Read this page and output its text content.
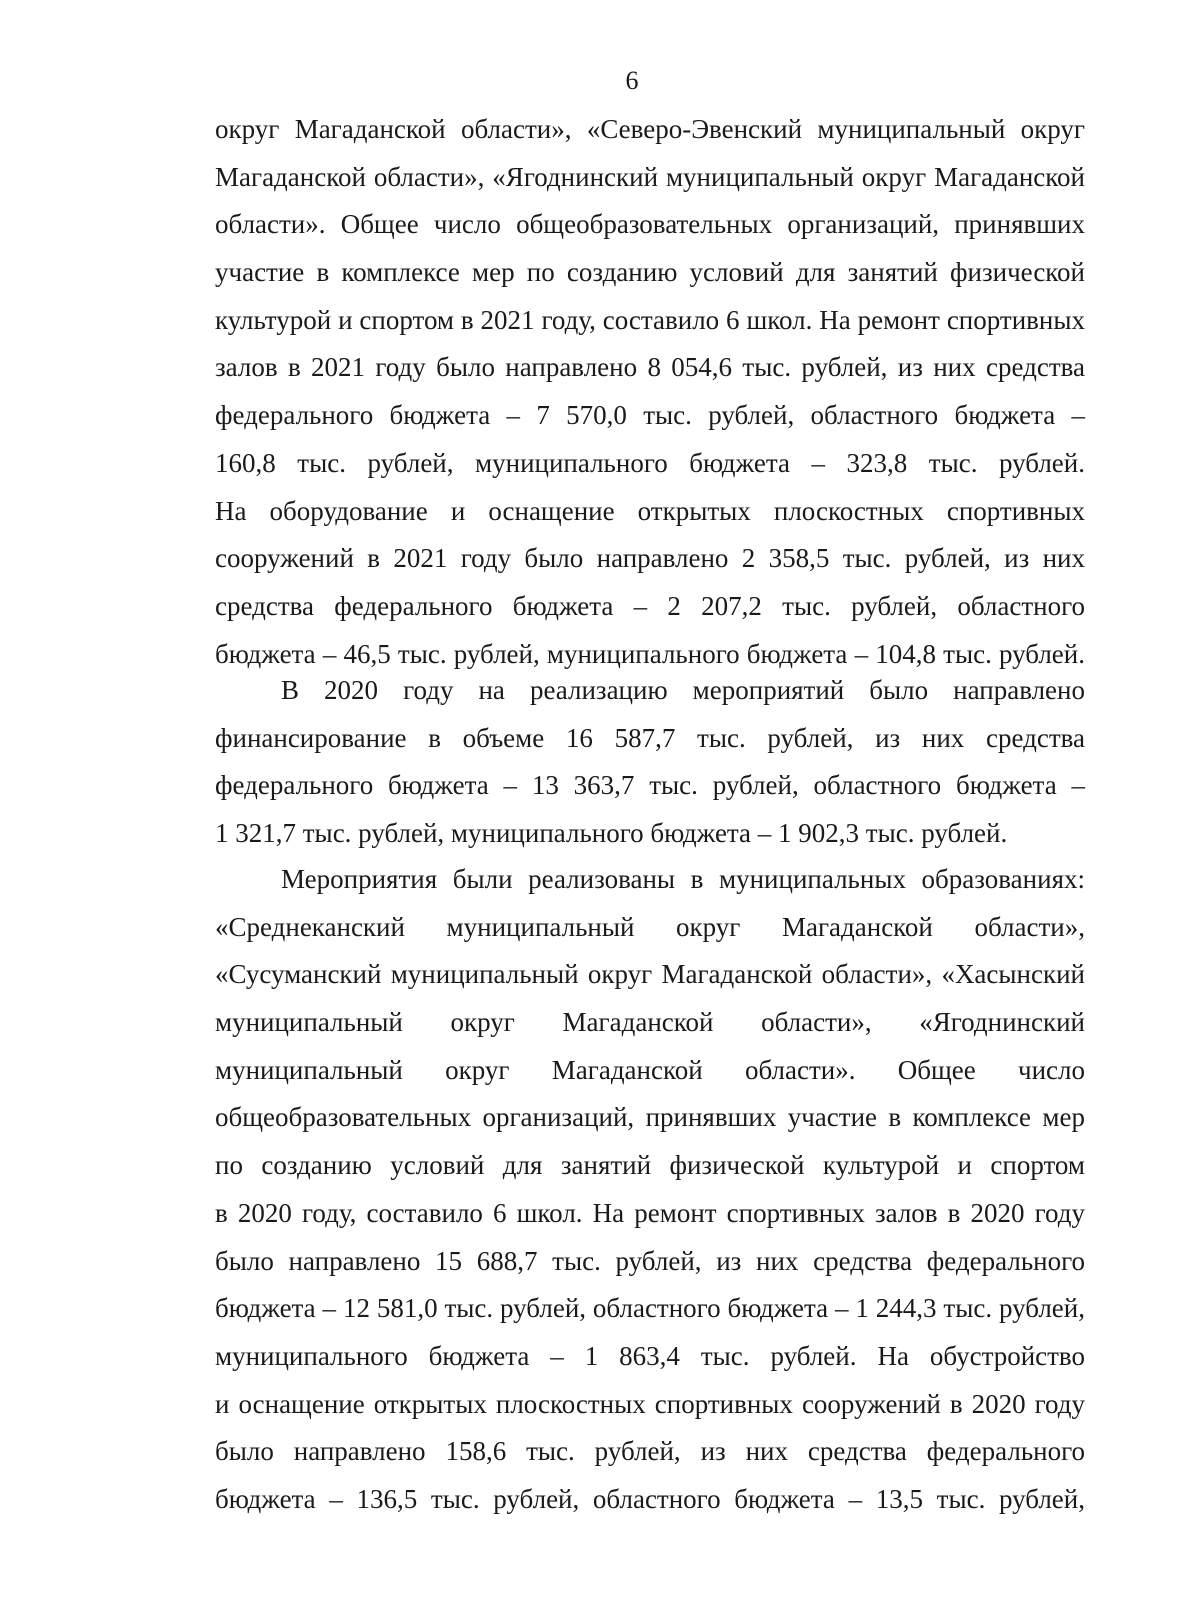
6
округ Магаданской области», «Северо-Эвенский муниципальный округ
Магаданской области», «Ягоднинский муниципальный округ Магаданской
области». Общее число общеобразовательных организаций, принявших
участие в комплексе мер по созданию условий для занятий физической
культурой и спортом в 2021 году, составило 6 школ. На ремонт спортивных
залов в 2021 году было направлено 8 054,6 тыс. рублей, из них средства
федерального бюджета – 7 570,0 тыс. рублей, областного бюджета –
160,8 тыс. рублей, муниципального бюджета – 323,8 тыс. рублей.
На оборудование и оснащение открытых плоскостных спортивных
сооружений в 2021 году было направлено 2 358,5 тыс. рублей, из них
средства федерального бюджета – 2 207,2 тыс. рублей, областного
бюджета – 46,5 тыс. рублей, муниципального бюджета – 104,8 тыс. рублей.
В 2020 году на реализацию мероприятий было направлено
финансирование в объеме 16 587,7 тыс. рублей, из них средства
федерального бюджета – 13 363,7 тыс. рублей, областного бюджета –
1 321,7 тыс. рублей, муниципального бюджета – 1 902,3 тыс. рублей.
Мероприятия были реализованы в муниципальных образованиях:
«Среднеканский муниципальный округ Магаданской области»,
«Сусуманский муниципальный округ Магаданской области», «Хасынский
муниципальный округ Магаданской области», «Ягоднинский
муниципальный округ Магаданской области». Общее число
общеобразовательных организаций, принявших участие в комплексе мер
по созданию условий для занятий физической культурой и спортом
в 2020 году, составило 6 школ. На ремонт спортивных залов в 2020 году
было направлено 15 688,7 тыс. рублей, из них средства федерального
бюджета – 12 581,0 тыс. рублей, областного бюджета – 1 244,3 тыс. рублей,
муниципального бюджета – 1 863,4 тыс. рублей. На обустройство
и оснащение открытых плоскостных спортивных сооружений в 2020 году
было направлено 158,6 тыс. рублей, из них средства федерального
бюджета – 136,5 тыс. рублей, областного бюджета – 13,5 тыс. рублей,
